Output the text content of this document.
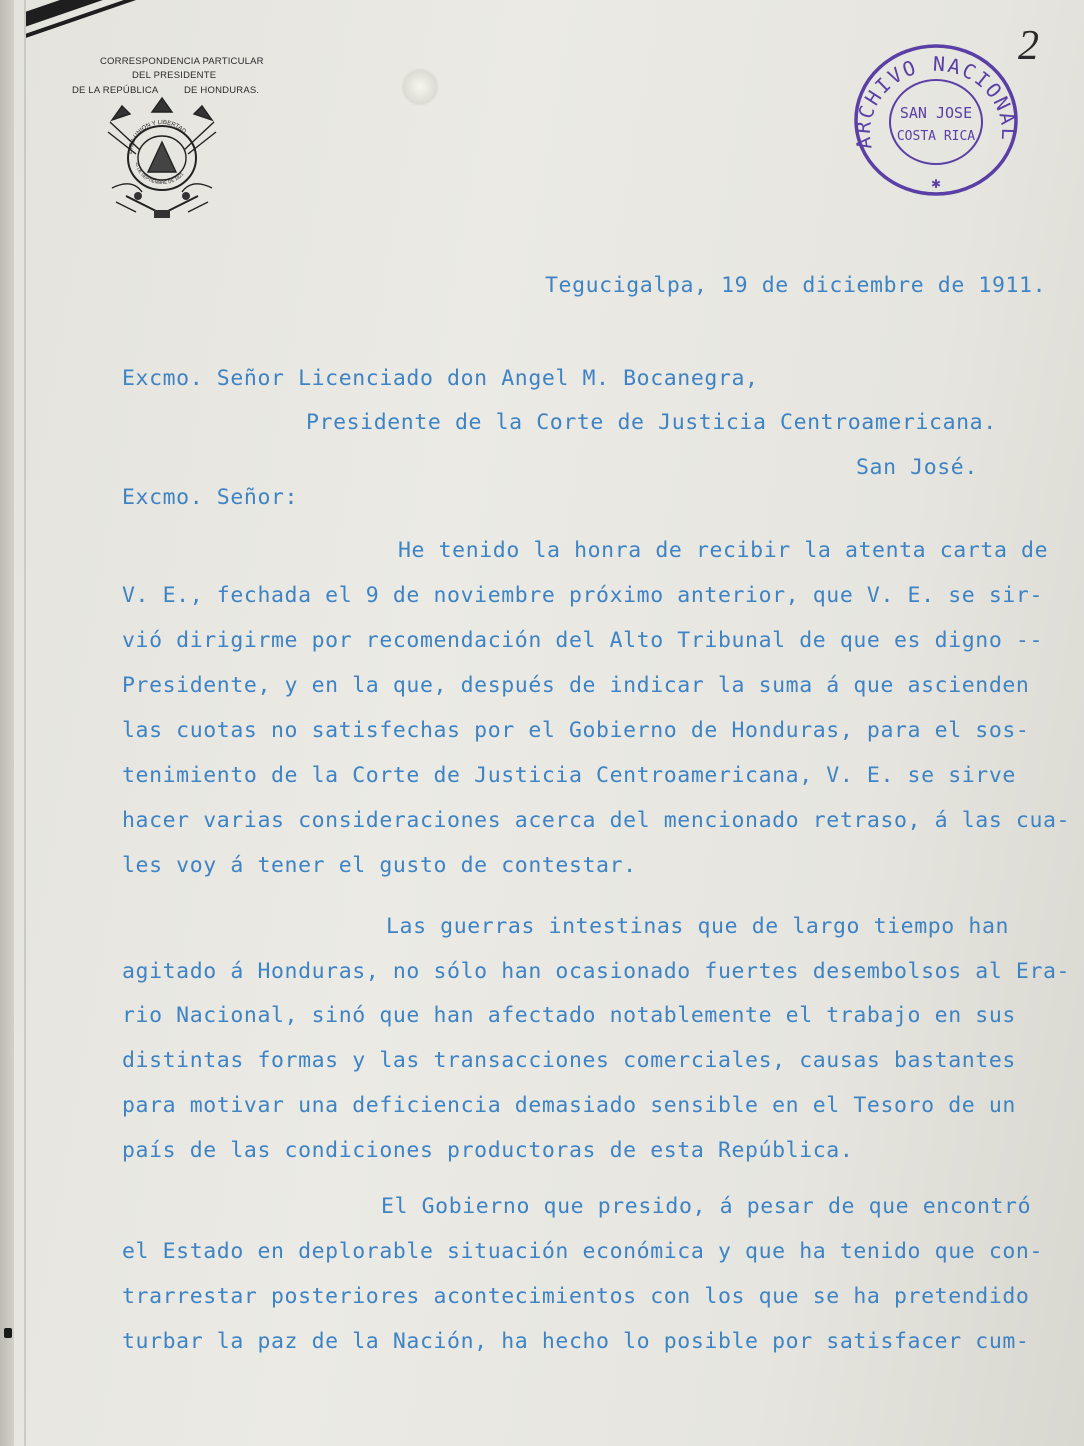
CORRESPONDENCIA PARTICULAR
DEL PRESIDENTE
DE LA REPÚBLICA	DE HONDURAS.
DIOS UNION Y LIBERTAD
15 DE SEPTIEMBRE DE 1821
ARCHIVO NACIONAL
SAN JOSE
COSTA RICA
✱
2
Tegucigalpa, 19 de diciembre de 1911.
Excmo. Señor Licenciado don Angel M. Bocanegra,
Presidente de la Corte de Justicia Centroamericana.
San José.
Excmo. Señor:
He tenido la honra de recibir la atenta carta de
V. E., fechada el 9 de noviembre próximo anterior, que V. E. se sir-
vió dirigirme por recomendación del Alto Tribunal de que es digno --
Presidente, y en la que, después de indicar la suma á que ascienden
las cuotas no satisfechas por el Gobierno de Honduras, para el sos-
tenimiento de la Corte de Justicia Centroamericana, V. E. se sirve
hacer varias consideraciones acerca del mencionado retraso, á las cua-
les voy á tener el gusto de contestar.
Las guerras intestinas que de largo tiempo han
agitado á Honduras, no sólo han ocasionado fuertes desembolsos al Era-
rio Nacional, sinó que han afectado notablemente el trabajo en sus
distintas formas y las transacciones comerciales, causas bastantes
para motivar una deficiencia demasiado sensible en el Tesoro de un
país de las condiciones productoras de esta República.
El Gobierno que presido, á pesar de que encontró
el Estado en deplorable situación económica y que ha tenido que con-
trarrestar posteriores acontecimientos con los que se ha pretendido
turbar la paz de la Nación, ha hecho lo posible por satisfacer cum-
